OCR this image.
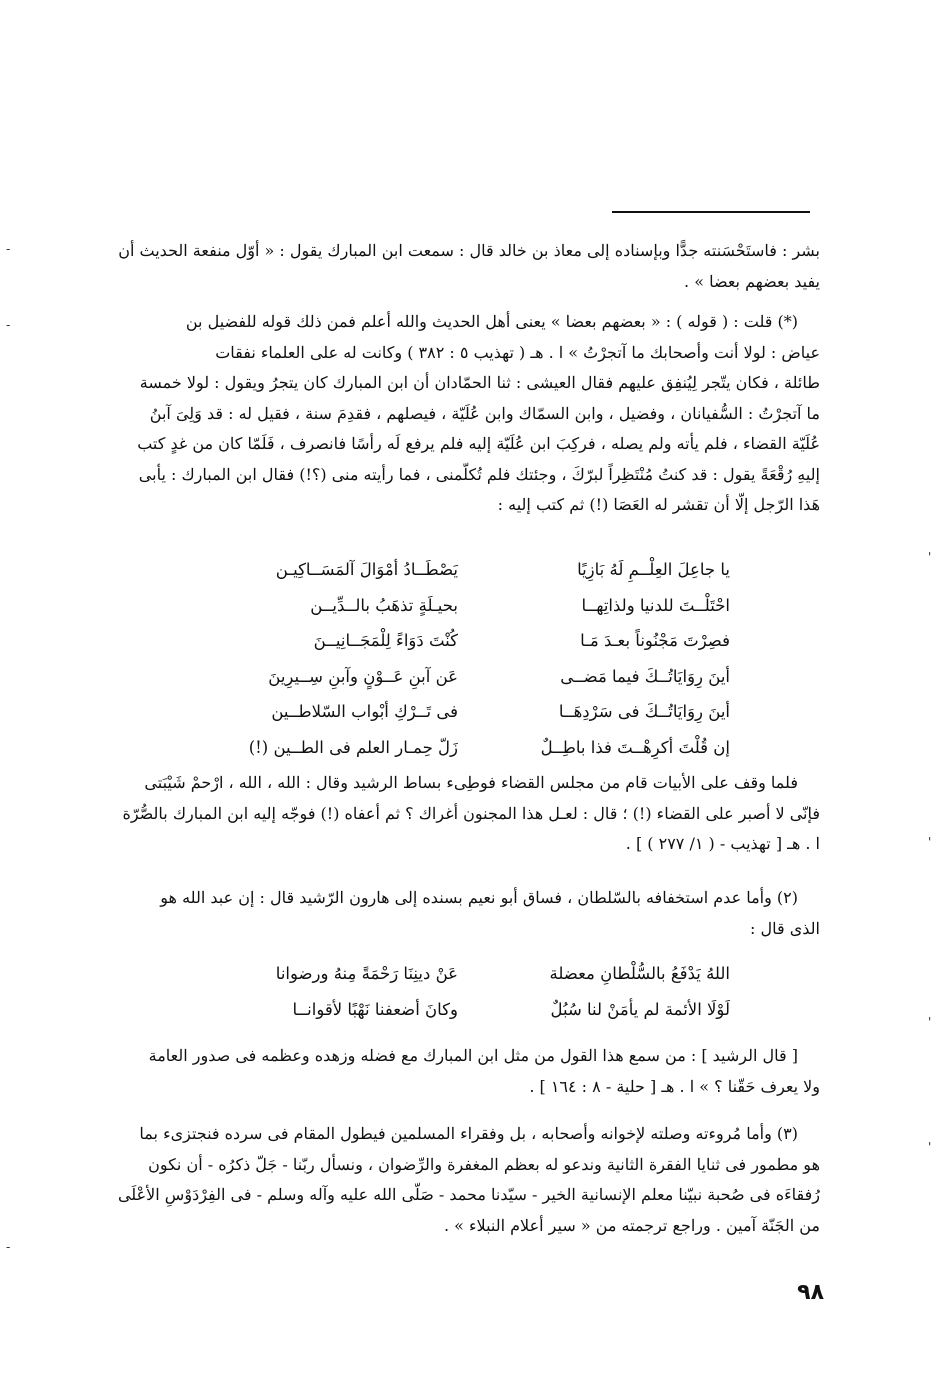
-
-
'
'
'
'
-
بشر : فاستَحْسَنته جدًّا وبإسناده إلى معاذ بن خالد قال : سمعت ابن المبارك يقول : « أوّل منفعة الحديث أن
يفيد بعضهم بعضا » .
(*) قلت : ( قوله ) : « بعضهم بعضا » يعنى أهل الحديث والله أعلم فمن ذلك قوله للفضيل بن
عياض : لولا أنت وأصحابك ما آتجرْتُ » ا . هـ ( تهذيب ٥ : ٣٨٢ ) وكانت له على العلماء نفقات
طائلة ، فكان يتّجر لِيُنفِق عليهم فقال العيشى : ثنا الحمّادان أن ابن المبارك كان يتجرُ ويقول : لولا خمسة
ما آتجرْتُ : السُّفيانان ، وفضيل ، وابن السمّاك وابن عُلَيّة ، فيصلهم ، فقدِمَ سنة ، فقيل له : قد وَلِىَ آبنُ
عُلَيّة القضاء ، فلم يأته ولم يصله ، فركِبَ ابن عُلَيّة إليه فلم يرفع لَه رأسًا فانصرف ، فَلَمّا كان من غدٍ كتب
إليهِ رُقْعَةً يقول : قد كنتُ مُنْتَظِراً لبرّكَ ، وجئتك فلم تُكلّمنى ، فما رأيته منى (؟!) فقال ابن المبارك : يأبى
هَذا الرّجل إلّا أن تقشر له العَصَا (!) ثم كتب إليه :
يا جاعِلَ العِلْــمِ لَهُ بَازِيًا
يَصْطَــادُ أمْوَالَ آلمَسَــاكِيـن
احْتَلْــتَ للدنيا ولذاتِهــا
بحيـلَةٍ تذهَبُ بالــدِّيــن
فصِرْتَ مَجْنُوناً بعـدَ مَـا
كُنْتَ دَوَاءً لِلْمَجَــانِيــنَ
أينَ رِوَايَاتُــكَ فيما مَضــى
عَن آبنِ عَــوْنٍ وآبنِ سِــيرِينَ
أينَ رِوَايَاتُــكَ فى سَرْدِهَــا
فى تَــرْكِ أبْواب السّلاطــين
إن قُلْتَ أكرِهْــتَ فذا باطِــلٌ
زَلّ حِمـار العلم فى الطــين (!)
فلما وقف على الأبيات قام من مجلس القضاء فوطِىء بساط الرشيد وقال : الله ، الله ، ارْحمْ شَيْبَتى
فإنّى لا أصبر على القضاء (!) ؛ قال : لعـل هذا المجنون أغراك ؟ ثم أعفاه (!) فوجّه إليه ابن المبارك بالصُّرّة
ا . هـ [ تهذيب - ( ١/ ٢٧٧ ) ] .
(٢) وأما عدم استخفافه بالسّلطان ، فساق أبو نعيم بسنده إلى هارون الرّشيد قال : إن عبد الله هو
الذى قال :
اللهُ يَدْفَعُ بالسُّلْطانِ معضلة
عَنْ دينِنَا رَحْمَةً مِنهُ ورضوانا
لَوْلَا الأئمة لم يأمَنْ لنا سُبُلٌ
وكانَ أضعفنا نَهْبًا لأقوانــا
[ قال الرشيد ] : من سمع هذا القول من مثل ابن المبارك مع فضله وزهده وعظمه فى صدور العامة
ولا يعرف حَقّنا ؟ » ا . هـ [ حلية - ٨ : ١٦٤ ] .
(٣) وأما مُروءته وصلته لإخوانه وأصحابه ، بل وفقراء المسلمين فيطول المقام فى سرده فنجتزىء بما
هو مطمور فى ثنايا الفقرة الثانية وندعو له بعظم المغفرة والرِّضوان ، ونسأل ربّنا - جَلّ ذكرُه - أن نكون
رُفقاءَه فى صُحبة نبيّنا معلم الإنسانية الخير - سيّدنا محمد - صَلّى الله عليه وآله وسلم - فى الفِرْدَوْسِ الأعْلَى
من الجَنّة آمين . وراجع ترجمته من « سير أعلام النبلاء » .
٩٨
